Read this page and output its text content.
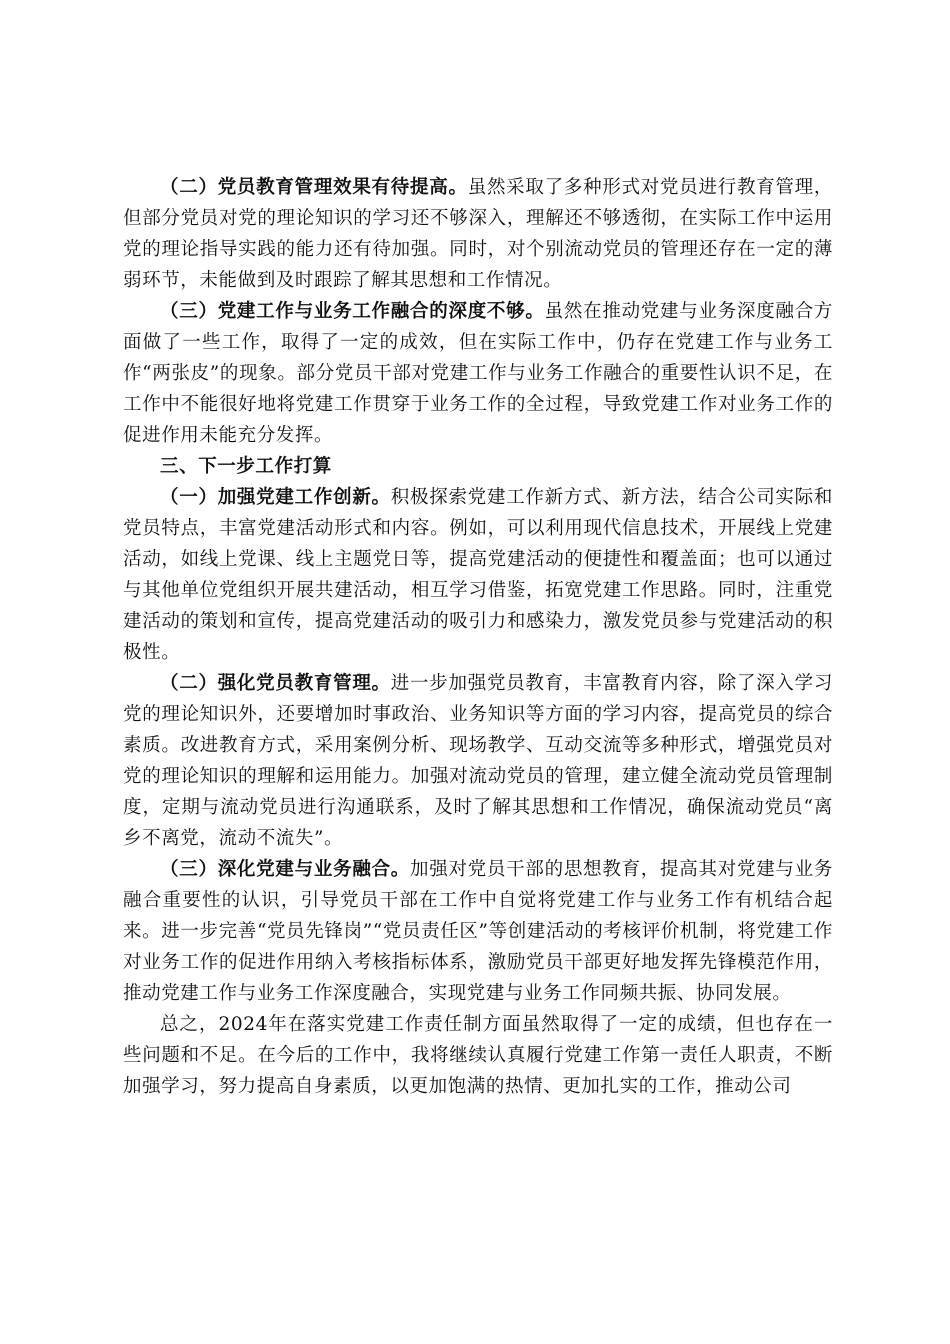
（二）党员教育管理效果有待提高。虽然采取了多种形式对党员进行教育管理，但部分党员对党的理论知识的学习还不够深入，理解还不够透彻，在实际工作中运用党的理论指导实践的能力还有待加强。同时，对个别流动党员的管理还存在一定的薄弱环节，未能做到及时跟踪了解其思想和工作情况。

（三）党建工作与业务工作融合的深度不够。虽然在推动党建与业务深度融合方面做了一些工作，取得了一定的成效，但在实际工作中，仍存在党建工作与业务工作“两张皮”的现象。部分党员干部对党建工作与业务工作融合的重要性认识不足，在工作中不能很好地将党建工作贯穿于业务工作的全过程，导致党建工作对业务工作的促进作用未能充分发挥。

三、下一步工作打算

（一）加强党建工作创新。积极探索党建工作新方式、新方法，结合公司实际和党员特点，丰富党建活动形式和内容。例如，可以利用现代信息技术，开展线上党建活动，如线上党课、线上主题党日等，提高党建活动的便捷性和覆盖面；也可以通过与其他单位党组织开展共建活动，相互学习借鉴，拓宽党建工作思路。同时，注重党建活动的策划和宣传，提高党建活动的吸引力和感染力，激发党员参与党建活动的积极性。

（二）强化党员教育管理。进一步加强党员教育，丰富教育内容，除了深入学习党的理论知识外，还要增加时事政治、业务知识等方面的学习内容，提高党员的综合素质。改进教育方式，采用案例分析、现场教学、互动交流等多种形式，增强党员对党的理论知识的理解和运用能力。加强对流动党员的管理，建立健全流动党员管理制度，定期与流动党员进行沟通联系，及时了解其思想和工作情况，确保流动党员“离乡不离党，流动不流失”。

（三）深化党建与业务融合。加强对党员干部的思想教育，提高其对党建与业务融合重要性的认识，引导党员干部在工作中自觉将党建工作与业务工作有机结合起来。进一步完善“党员先锋岗”“党员责任区”等创建活动的考核评价机制，将党建工作对业务工作的促进作用纳入考核指标体系，激励党员干部更好地发挥先锋模范作用，推动党建工作与业务工作深度融合，实现党建与业务工作同频共振、协同发展。

总之，2024年在落实党建工作责任制方面虽然取得了一定的成绩，但也存在一些问题和不足。在今后的工作中，我将继续认真履行党建工作第一责任人职责，不断加强学习，努力提高自身素质，以更加饱满的热情、更加扎实的工作，推动公司
